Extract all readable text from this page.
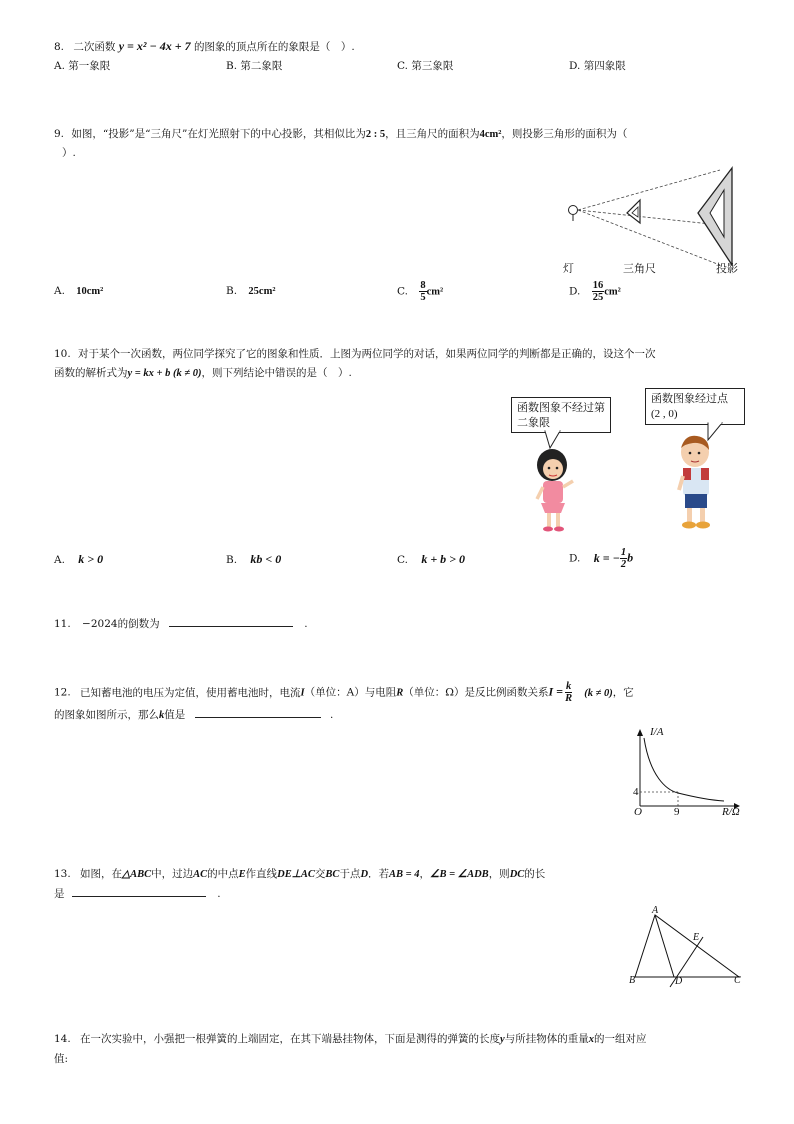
8. 二次函数 y = x² − 4x + 7 的图象的顶点所在的象限是（　）.
A. 第一象限	B. 第二象限	C. 第三象限	D. 第四象限
9. 如图，“投影”是“三角尺”在灯光照射下的中心投影，其相似比为2 : 5，且三角尺的面积为4cm²，则投影三角形的面积为（
）.
灯	三角尺	投影
A. 10cm²	B. 25cm²	C. $\frac{8}{5} cm^2$	D. $\frac{16}{25} cm^2$
10. 对于某个一次函数，两位同学探究了它的图象和性质．上图为两位同学的对话，如果两位同学的判断都是正确的，设这个一次
函数的解析式为y = kx + b (k ≠ 0)，则下列结论中错误的是（　）.
函数图象不经过第二象限
函数图象经过点
(2 , 0)
A. k > 0	B. kb < 0	C. k + b > 0	D. k = − $\frac{1}{2}$ b
11. −2024的倒数为	.
12. 已知蓄电池的电压为定值，使用蓄电池时，电流I（单位：A）与电阻R（单位：Ω）是反比例函数关系$I = \frac{k}{R} (k \ne 0)$，它
的图象如图所示，那么k值是	.
I/A
R/Ω
O
4
9
13. 如图，在△ABC中，过边AC的中点E作直线DE⊥AC交BC于点D．若AB = 4，∠B = ∠ADB，则DC的长
是	.
A
B	C
D
E
14. 在一次实验中，小强把一根弹簧的上端固定，在其下端悬挂物体，下面是测得的弹簧的长度y与所挂物体的重量x的一组对应
值:
